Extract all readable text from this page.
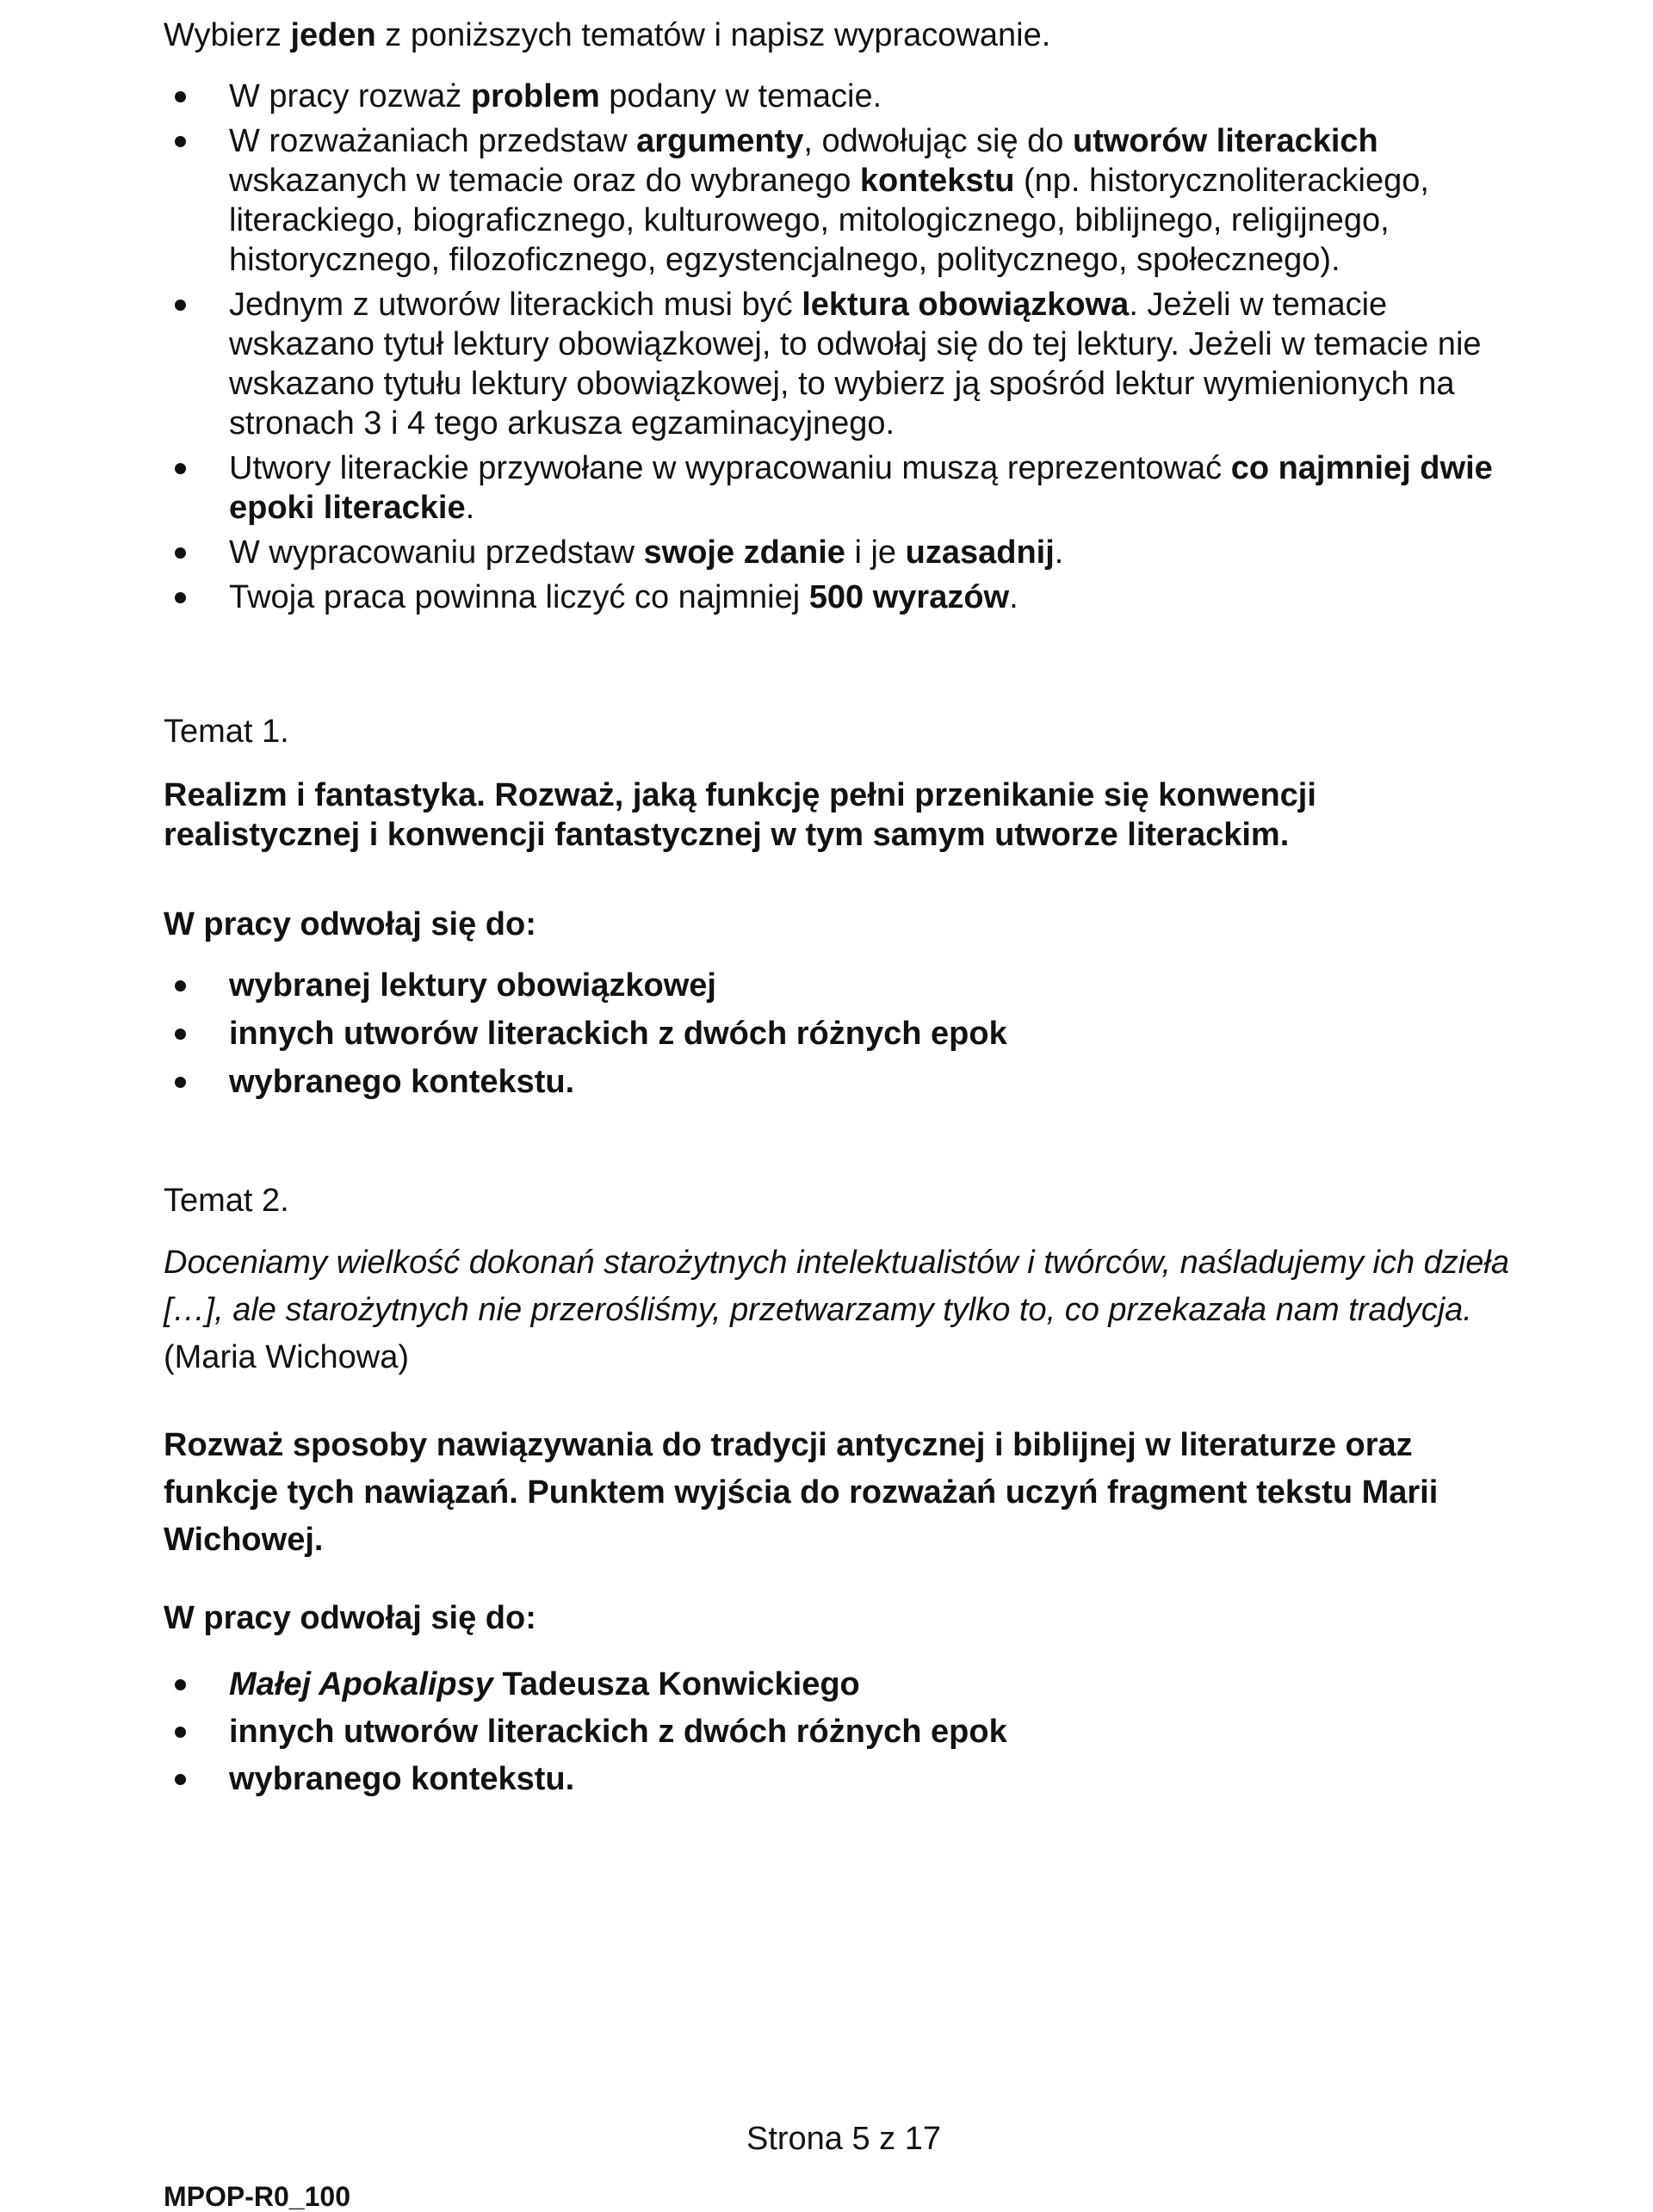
Wybierz jeden z poniższych tematów i napisz wypracowanie.
W pracy rozważ problem podany w temacie.
W rozważaniach przedstaw argumenty, odwołując się do utworów literackich
wskazanych w temacie oraz do wybranego kontekstu (np. historycznoliterackiego,
literackiego, biograficznego, kulturowego, mitologicznego, biblijnego, religijnego,
historycznego, filozoficznego, egzystencjalnego, politycznego, społecznego).
Jednym z utworów literackich musi być lektura obowiązkowa. Jeżeli w temacie
wskazano tytuł lektury obowiązkowej, to odwołaj się do tej lektury. Jeżeli w temacie nie
wskazano tytułu lektury obowiązkowej, to wybierz ją spośród lektur wymienionych na
stronach 3 i 4 tego arkusza egzaminacyjnego.
Utwory literackie przywołane w wypracowaniu muszą reprezentować co najmniej dwie
epoki literackie.
W wypracowaniu przedstaw swoje zdanie i je uzasadnij.
Twoja praca powinna liczyć co najmniej 500 wyrazów.
Temat 1.
Realizm i fantastyka. Rozważ, jaką funkcję pełni przenikanie się konwencji
realistycznej i konwencji fantastycznej w tym samym utworze literackim.
W pracy odwołaj się do:
wybranej lektury obowiązkowej
innych utworów literackich z dwóch różnych epok
wybranego kontekstu.
Temat 2.
Doceniamy wielkość dokonań starożytnych intelektualistów i twórców, naśladujemy ich dzieła
[…], ale starożytnych nie przerośliśmy, przetwarzamy tylko to, co przekazała nam tradycja.
(Maria Wichowa)
Rozważ sposoby nawiązywania do tradycji antycznej i biblijnej w literaturze oraz
funkcje tych nawiązań. Punktem wyjścia do rozważań uczyń fragment tekstu Marii
Wichowej.
W pracy odwołaj się do:
Małej Apokalipsy Tadeusza Konwickiego
innych utworów literackich z dwóch różnych epok
wybranego kontekstu.
Strona 5 z 17
MPOP-R0_100
